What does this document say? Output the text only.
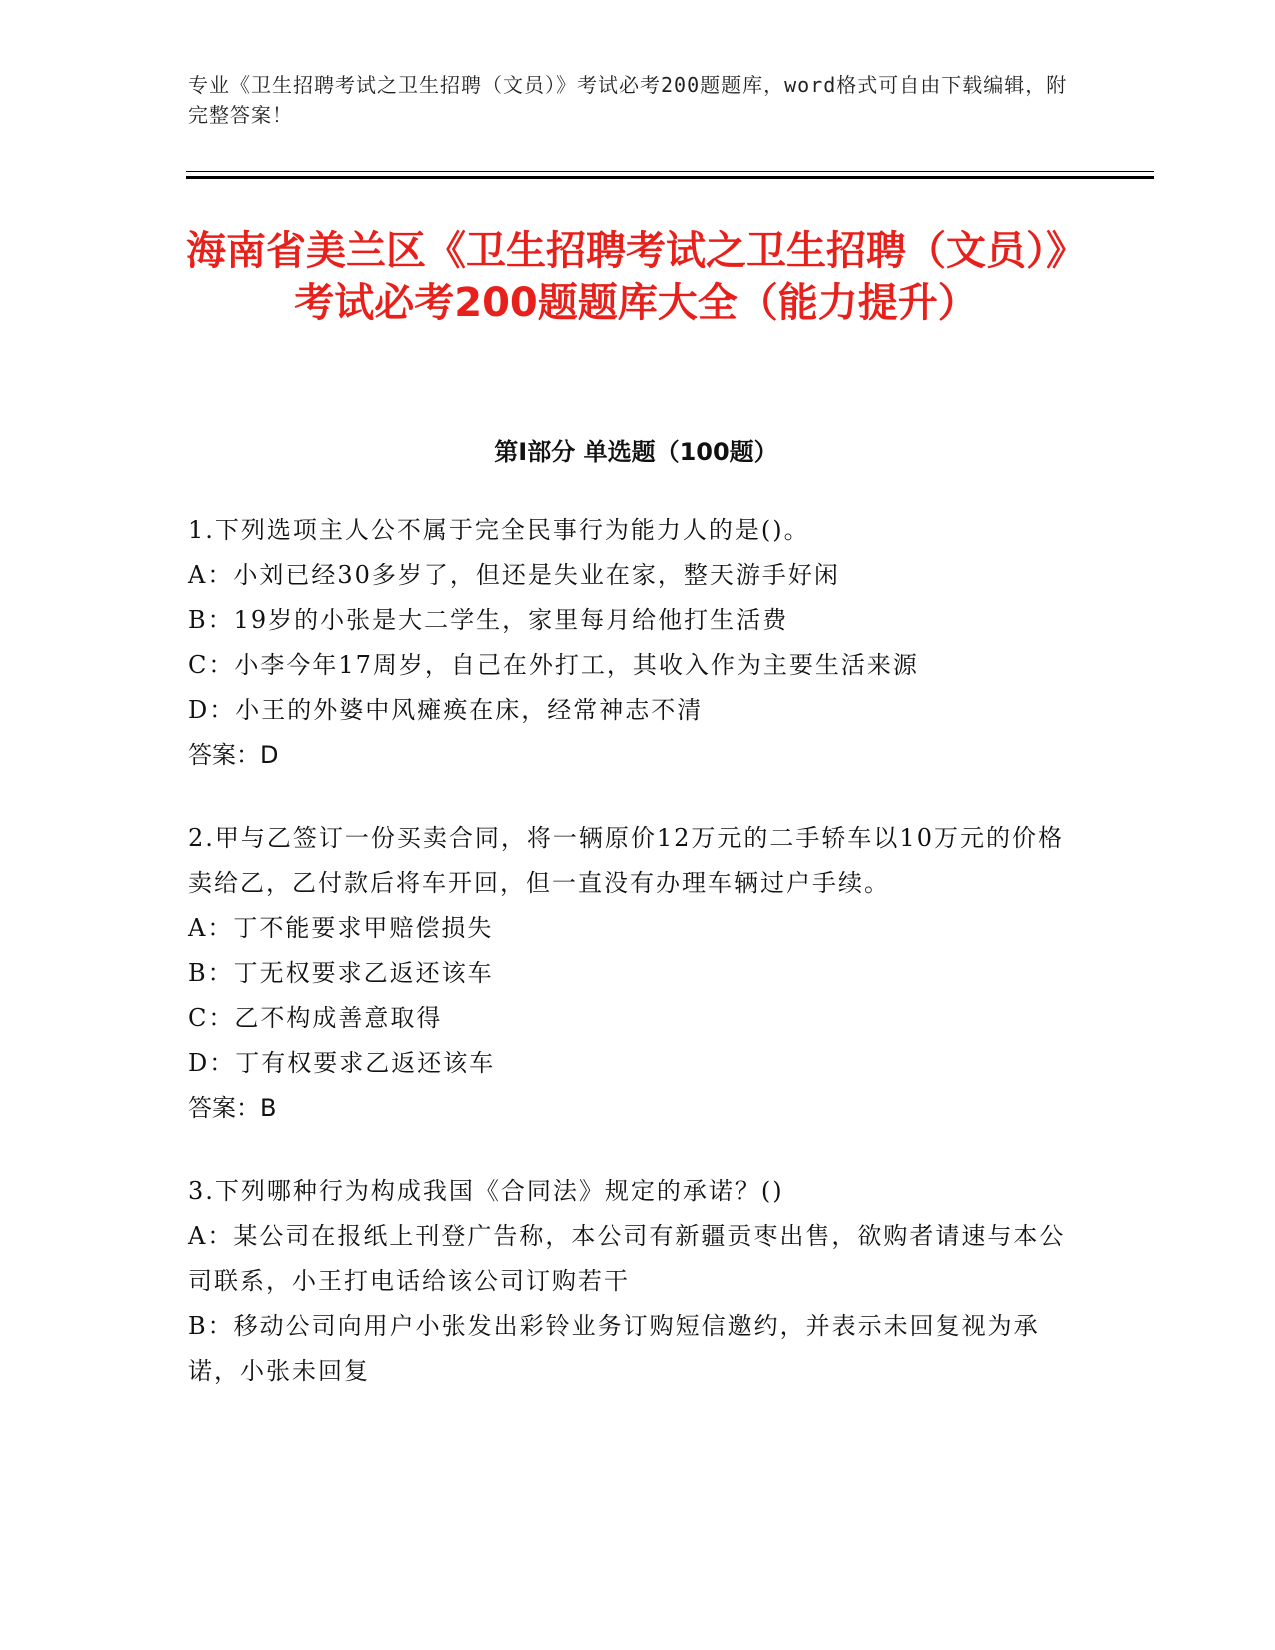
专业《卫生招聘考试之卫生招聘（文员）》考试必考200题题库，word格式可自由下载编辑，附完整答案！
海南省美兰区《卫生招聘考试之卫生招聘（文员）》考试必考200题题库大全（能力提升）
第I部分 单选题（100题）
1.下列选项主人公不属于完全民事行为能力人的是()。
A：小刘已经30多岁了，但还是失业在家，整天游手好闲
B：19岁的小张是大二学生，家里每月给他打生活费
C：小李今年17周岁，自己在外打工，其收入作为主要生活来源
D：小王的外婆中风瘫痪在床，经常神志不清
答案：D
2.甲与乙签订一份买卖合同，将一辆原价12万元的二手轿车以10万元的价格卖给乙，乙付款后将车开回，但一直没有办理车辆过户手续。
A：丁不能要求甲赔偿损失
B：丁无权要求乙返还该车
C：乙不构成善意取得
D：丁有权要求乙返还该车
答案：B
3.下列哪种行为构成我国《合同法》规定的承诺？()
A：某公司在报纸上刊登广告称，本公司有新疆贡枣出售，欲购者请速与本公司联系，小王打电话给该公司订购若干
B：移动公司向用户小张发出彩铃业务订购短信邀约，并表示未回复视为承诺，小张未回复
